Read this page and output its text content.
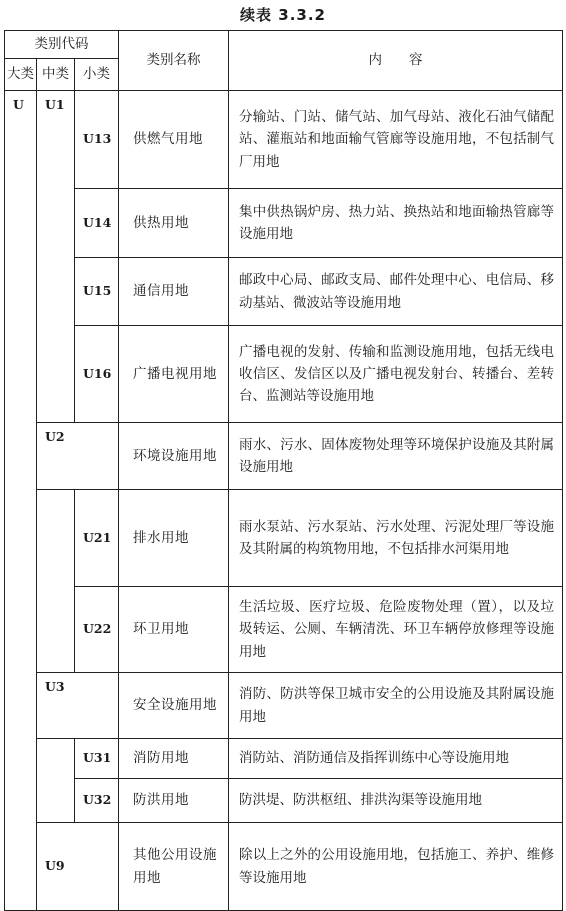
续表 3.3.2
类别代码			类别名称	内　　容
大类	中类	小类		
U	U1	U13	供燃气用地	分输站、门站、储气站、加气母站、液化石油气储配站、灌瓶站和地面输气管廊等设施用地，不包括制气厂用地
		U14	供热用地	集中供热锅炉房、热力站、换热站和地面输热管廊等设施用地
		U15	通信用地	邮政中心局、邮政支局、邮件处理中心、电信局、移动基站、微波站等设施用地
		U16	广播电视用地	广播电视的发射、传输和监测设施用地，包括无线电收信区、发信区以及广播电视发射台、转播台、差转台、监测站等设施用地
	U2		环境设施用地	雨水、污水、固体废物处理等环境保护设施及其附属设施用地
		U21	排水用地	雨水泵站、污水泵站、污水处理、污泥处理厂等设施及其附属的构筑物用地，不包括排水河渠用地
		U22	环卫用地	生活垃圾、医疗垃圾、危险废物处理（置），以及垃圾转运、公厕、车辆清洗、环卫车辆停放修理等设施用地
	U3		安全设施用地	消防、防洪等保卫城市安全的公用设施及其附属设施用地
		U31	消防用地	消防站、消防通信及指挥训练中心等设施用地
		U32	防洪用地	防洪堤、防洪枢纽、排洪沟渠等设施用地
	U9		其他公用设施用地	除以上之外的公用设施用地，包括施工、养护、维修等设施用地
